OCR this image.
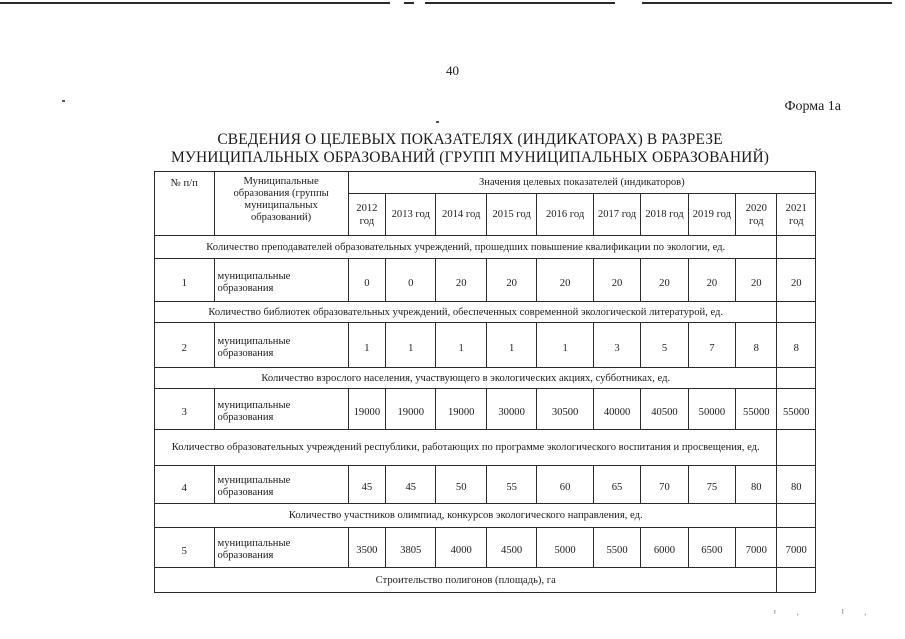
40
Форма 1а
СВЕДЕНИЯ О ЦЕЛЕВЫХ ПОКАЗАТЕЛЯХ (ИНДИКАТОРАХ) В РАЗРЕЗЕ
МУНИЦИПАЛЬНЫХ ОБРАЗОВАНИЙ (ГРУПП МУНИЦИПАЛЬНЫХ ОБРАЗОВАНИЙ)
№ п/п	Муниципальные образования (группы муниципальных образований)	Значения целевых показателей (индикаторов)									
		2012 год	2013 год	2014 год	2015 год	2016 год	2017 год	2018 год	2019 год	2020 год	2021 год
Количество преподавателей образовательных учреждений, прошедших повышение квалификации по экологии, ед.											
1	муниципальные образования	0	0	20	20	20	20	20	20	20	20
Количество библиотек образовательных учреждений, обеспеченных современной экологической литературой, ед.											
2	муниципальные образования	1	1	1	1	1	3	5	7	8	8
Количество взрослого населения, участвующего в экологических акциях, субботниках, ед.											
3	муниципальные образования	19000	19000	19000	30000	30500	40000	40500	50000	55000	55000
Количество образовательных учреждений республики, работающих по программе экологического воспитания и просвещения, ед.											
4	муниципальные образования	45	45	50	55	60	65	70	75	80	80
Количество участников олимпиад, конкурсов экологического направления, ед.											
5	муниципальные образования	3500	3805	4000	4500	5000	5500	6000	6500	7000	7000
Строительство полигонов (площадь), га											
ʳ˒ ˡ˒
